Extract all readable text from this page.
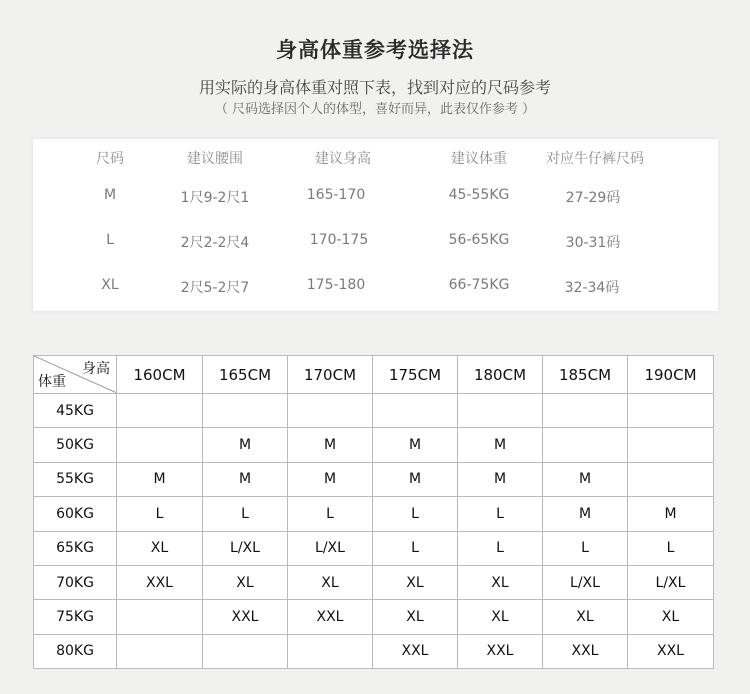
身高体重参考选择法
用实际的身高体重对照下表，找到对应的尺码参考
（ 尺码选择因个人的体型，喜好而异，此表仅作参考 ）
尺码	建议腰围	建议身高	建议体重	对应牛仔裤尺码
M	1尺9-2尺1	165-170	45-55KG	27-29码
L	2尺2-2尺4	170-175	56-65KG	30-31码
XL	2尺5-2尺7	175-180	66-75KG	32-34码
身高
体重	160CM	165CM	170CM	175CM	180CM	185CM	190CM
45KG							
50KG		M	M	M	M		
55KG	M	M	M	M	M	M	
60KG	L	L	L	L	L	M	M
65KG	XL	L/XL	L/XL	L	L	L	L
70KG	XXL	XL	XL	XL	XL	L/XL	L/XL
75KG		XXL	XXL	XL	XL	XL	XL
80KG				XXL	XXL	XXL	XXL
